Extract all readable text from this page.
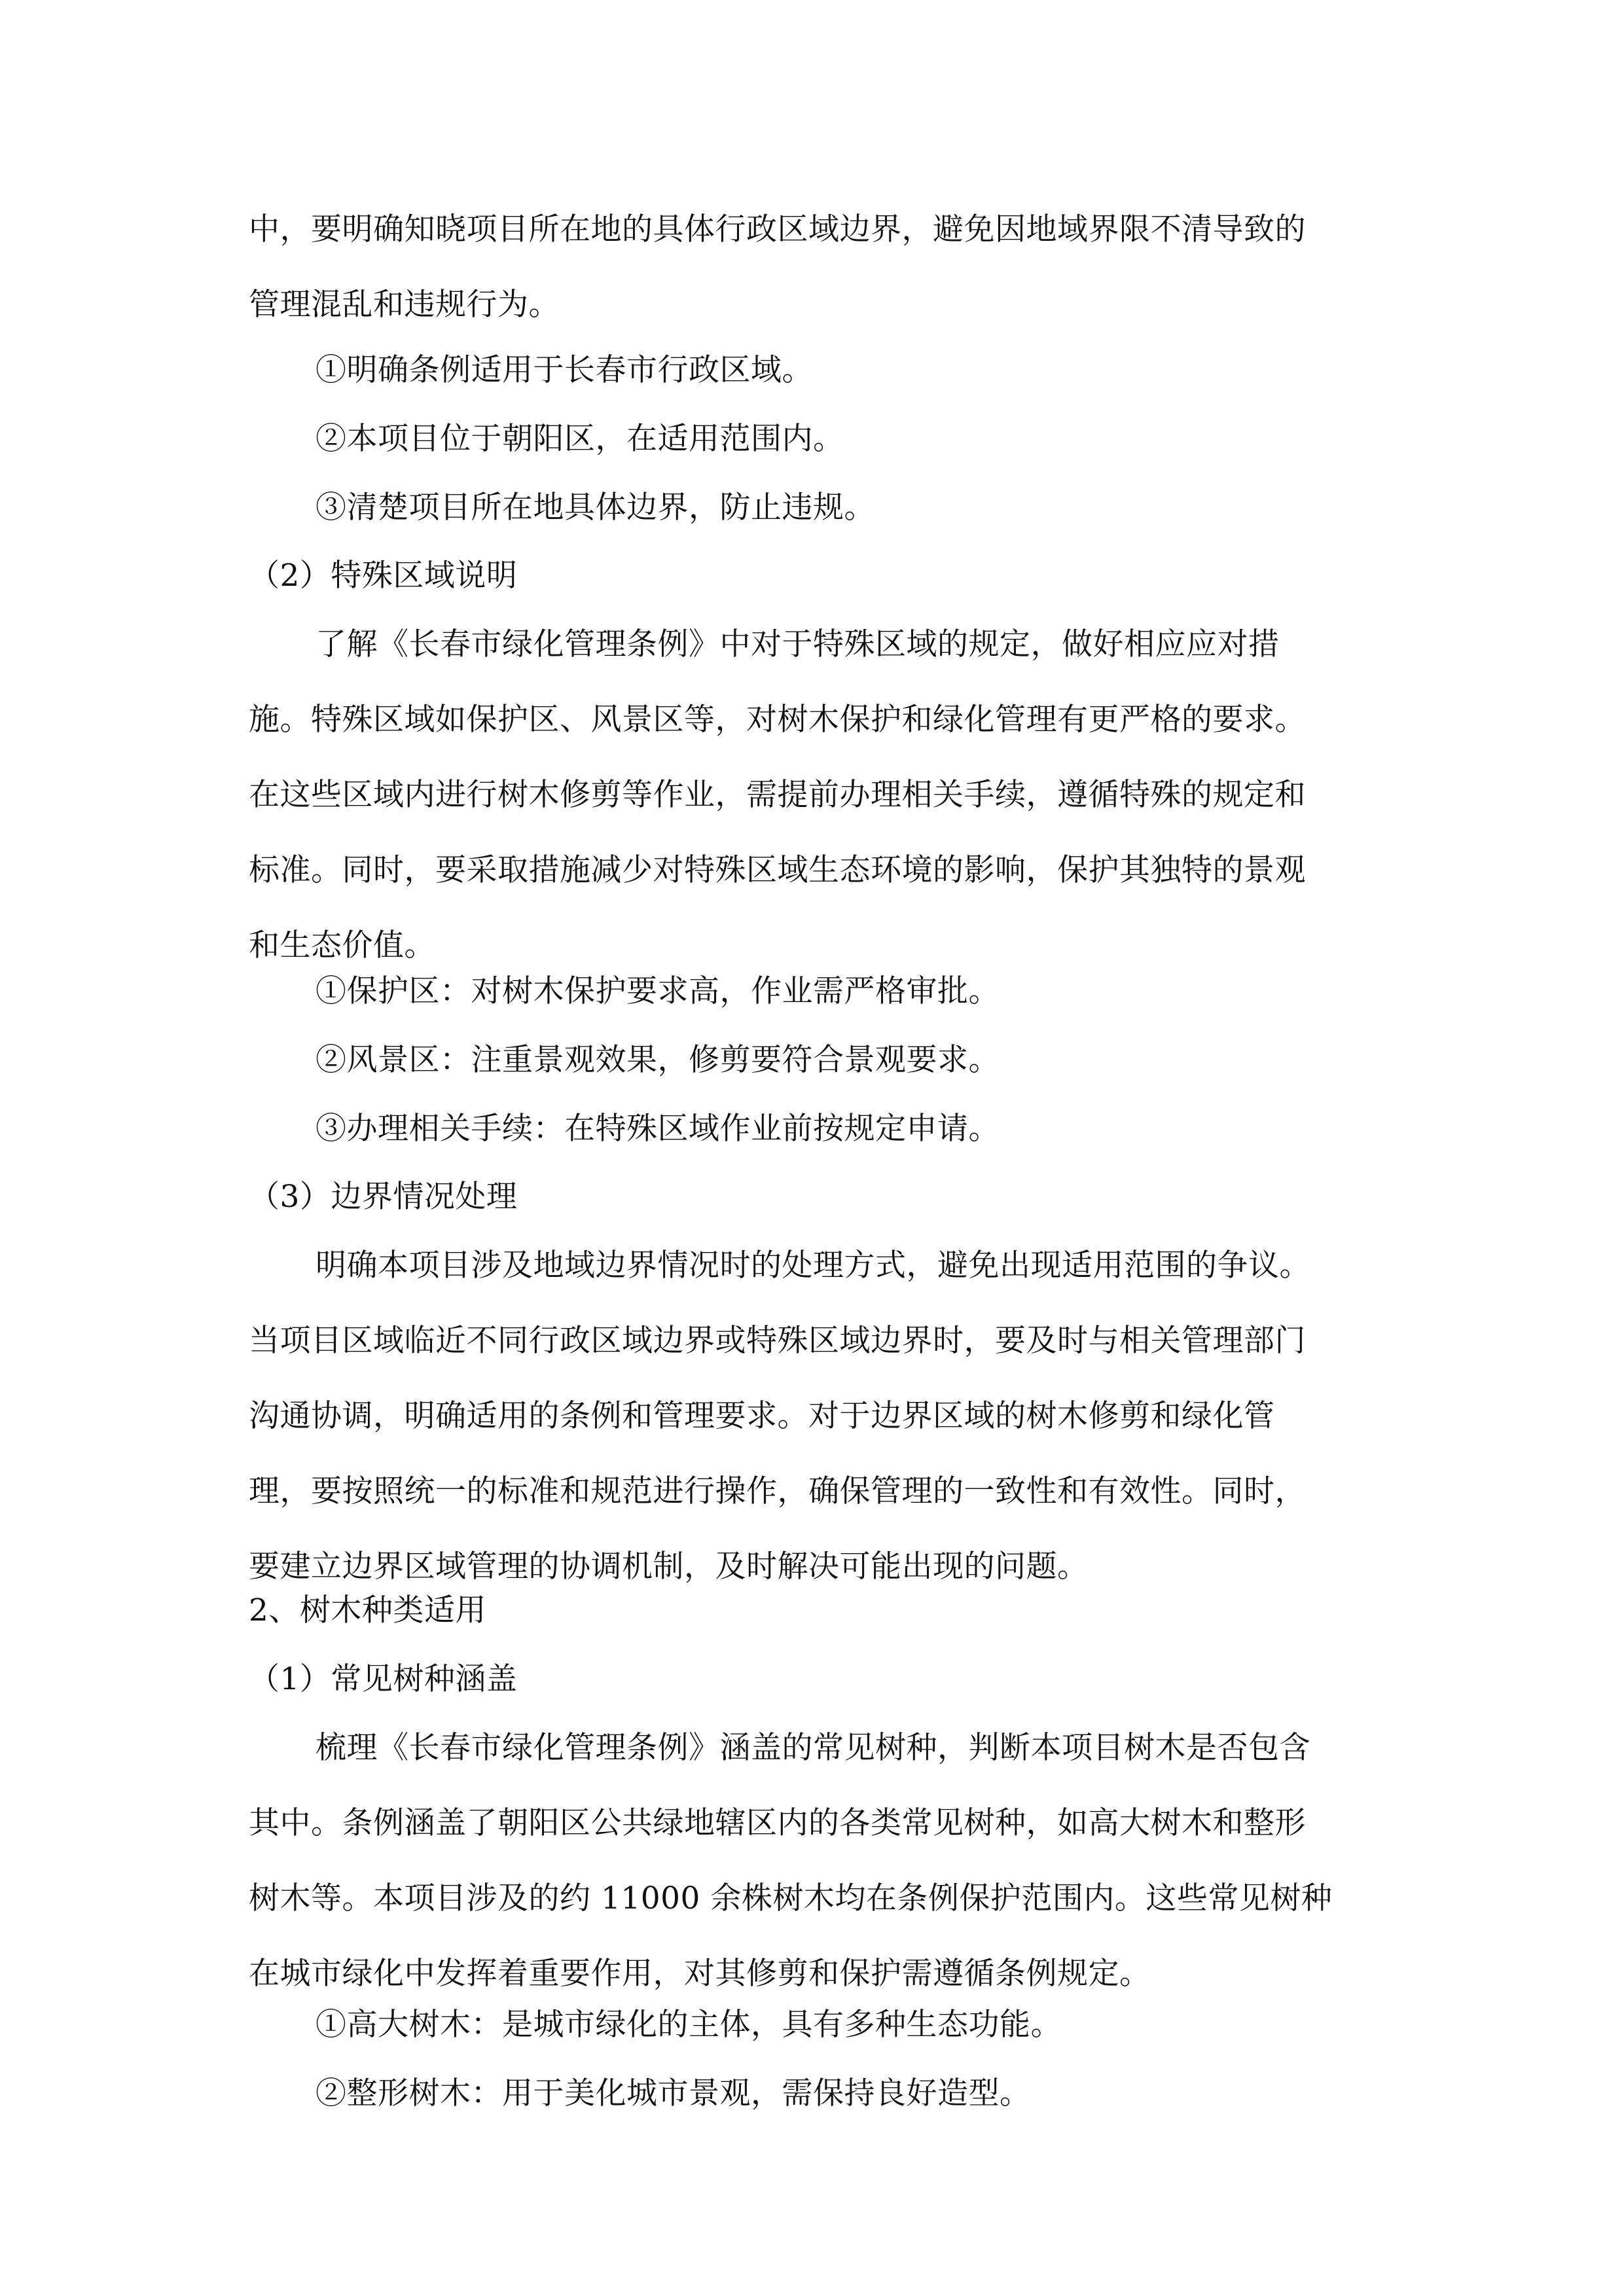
中，要明确知晓项目所在地的具体行政区域边界，避免因地域界限不清导致的
管理混乱和违规行为。
①明确条例适用于长春市行政区域。
②本项目位于朝阳区，在适用范围内。
③清楚项目所在地具体边界，防止违规。
（2）特殊区域说明
了解《长春市绿化管理条例》中对于特殊区域的规定，做好相应应对措
施。特殊区域如保护区、风景区等，对树木保护和绿化管理有更严格的要求。
在这些区域内进行树木修剪等作业，需提前办理相关手续，遵循特殊的规定和
标准。同时，要采取措施减少对特殊区域生态环境的影响，保护其独特的景观
和生态价值。
①保护区：对树木保护要求高，作业需严格审批。
②风景区：注重景观效果，修剪要符合景观要求。
③办理相关手续：在特殊区域作业前按规定申请。
（3）边界情况处理
明确本项目涉及地域边界情况时的处理方式，避免出现适用范围的争议。
当项目区域临近不同行政区域边界或特殊区域边界时，要及时与相关管理部门
沟通协调，明确适用的条例和管理要求。对于边界区域的树木修剪和绿化管
理，要按照统一的标准和规范进行操作，确保管理的一致性和有效性。同时，
要建立边界区域管理的协调机制，及时解决可能出现的问题。
2、树木种类适用
（1）常见树种涵盖
梳理《长春市绿化管理条例》涵盖的常见树种，判断本项目树木是否包含
其中。条例涵盖了朝阳区公共绿地辖区内的各类常见树种，如高大树木和整形
树木等。本项目涉及的约 11000 余株树木均在条例保护范围内。这些常见树种
在城市绿化中发挥着重要作用，对其修剪和保护需遵循条例规定。
①高大树木：是城市绿化的主体，具有多种生态功能。
②整形树木：用于美化城市景观，需保持良好造型。
